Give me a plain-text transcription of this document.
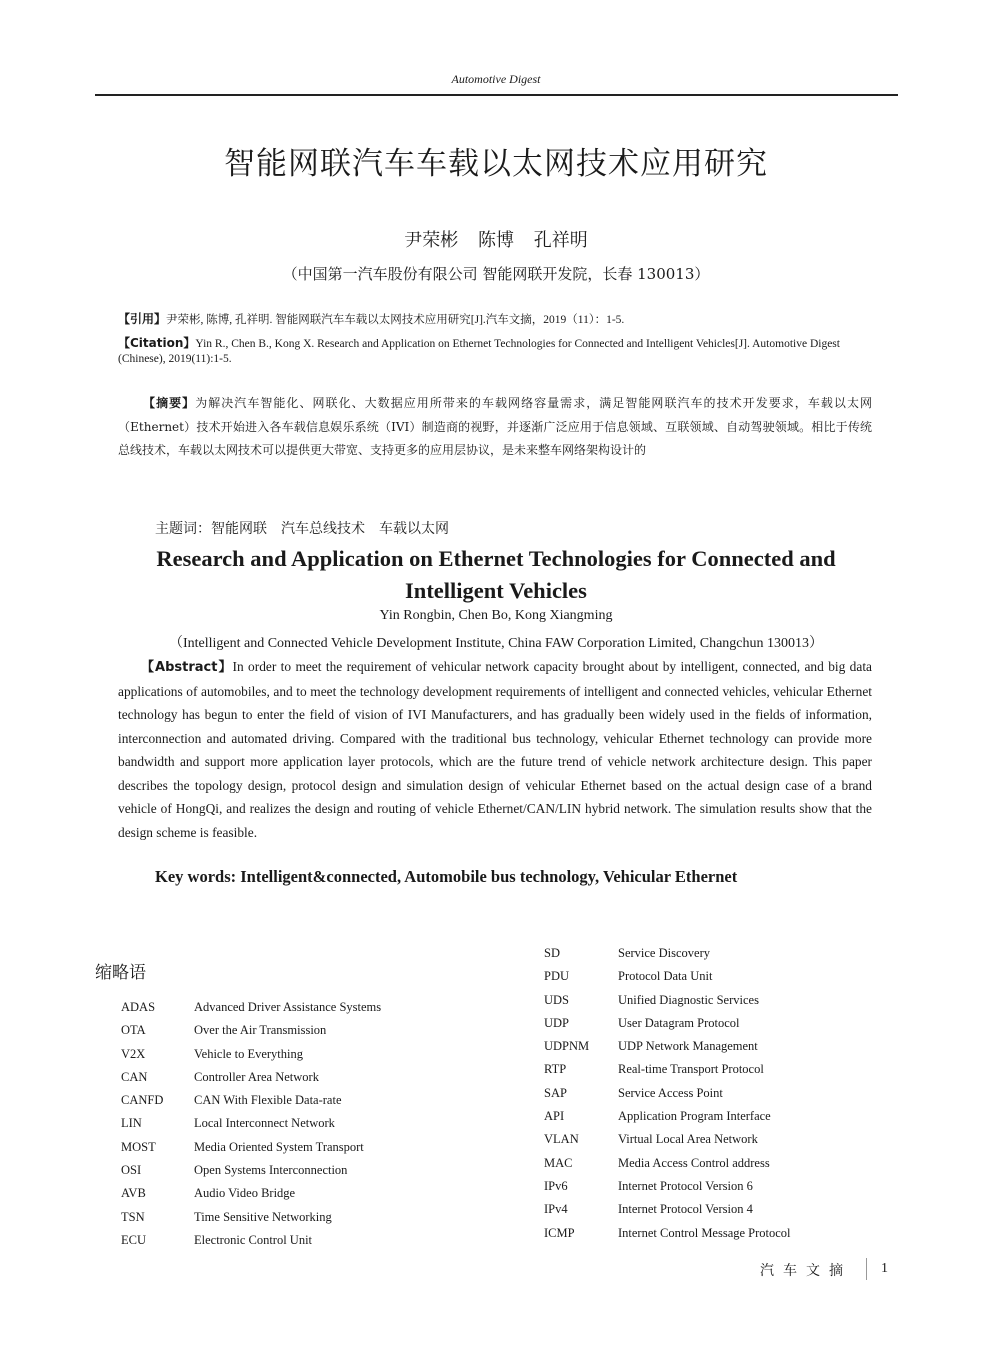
Automotive Digest
智能网联汽车车载以太网技术应用研究
尹荣彬 陈博 孔祥明
（中国第一汽车股份有限公司 智能网联开发院，长春 130013）
【引用】尹荣彬, 陈博, 孔祥明. 智能网联汽车车载以太网技术应用研究[J].汽车文摘，2019（11）：1-5.
【Citation】Yin R., Chen B., Kong X. Research and Application on Ethernet Technologies for Connected and Intelligent Vehicles[J]. Automotive Digest (Chinese), 2019(11):1-5.
【摘要】为解决汽车智能化、网联化、大数据应用所带来的车载网络容量需求，满足智能网联汽车的技术开发要求，车载以太网（Ethernet）技术开始进入各车载信息娱乐系统（IVI）制造商的视野，并逐渐广泛应用于信息领域、互联领域、自动驾驶领域。相比于传统总线技术，车载以太网技术可以提供更大带宽、支持更多的应用层协议，是未来整车网络架构设计的
主题词：智能网联　汽车总线技术　车载以太网
Research and Application on Ethernet Technologies for Connected and Intelligent Vehicles
Yin Rongbin, Chen Bo, Kong Xiangming
（Intelligent and Connected Vehicle Development Institute, China FAW Corporation Limited, Changchun 130013）
【Abstract】In order to meet the requirement of vehicular network capacity brought about by intelligent, connected, and big data applications of automobiles, and to meet the technology development requirements of intelligent and connected vehicles, vehicular Ethernet technology has begun to enter the field of vision of IVI Manufacturers, and has gradually been widely used in the fields of information, interconnection and automated driving. Compared with the traditional bus technology, vehicular Ethernet technology can provide more bandwidth and support more application layer protocols, which are the future trend of vehicle network architecture design. This paper describes the topology design, protocol design and simulation design of vehicular Ethernet based on the actual design case of a brand vehicle of HongQi, and realizes the design and routing of vehicle Ethernet/CAN/LIN hybrid network. The simulation results show that the design scheme is feasible.
Key words: Intelligent&connected, Automobile bus technology, Vehicular Ethernet
缩略语
ADAS	Advanced Driver Assistance Systems
OTA	Over the Air Transmission
V2X	Vehicle to Everything
CAN	Controller Area Network
CANFD CAN With Flexible Data-rate
LIN	Local Interconnect Network
MOST	Media Oriented System Transport
OSI	Open Systems Interconnection
AVB	Audio Video Bridge
TSN	Time Sensitive Networking
ECU	Electronic Control Unit
SD	Service Discovery
PDU	Protocol Data Unit
UDS	Unified Diagnostic Services
UDP	User Datagram Protocol
UDPNM UDP Network Management
RTP	Real-time Transport Protocol
SAP	Service Access Point
API	Application Program Interface
VLAN	Virtual Local Area Network
MAC	Media Access Control address
IPv6	Internet Protocol Version 6
IPv4	Internet Protocol Version 4
ICMP	Internet Control Message Protocol
汽车文摘 1
